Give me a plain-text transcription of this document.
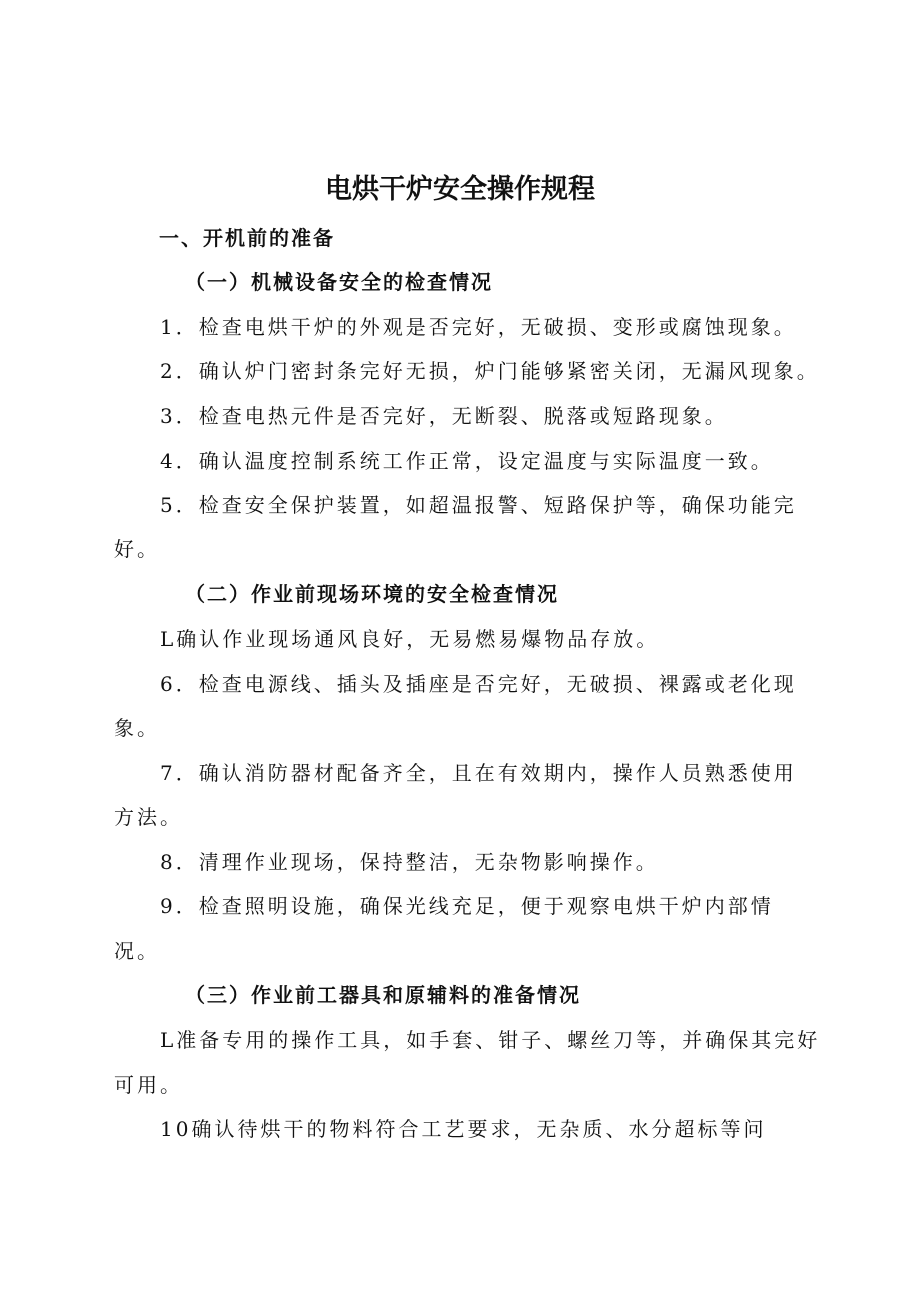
电烘干炉安全操作规程
一、开机前的准备
（一）机械设备安全的检查情况
1．检查电烘干炉的外观是否完好，无破损、变形或腐蚀现象。
2．确认炉门密封条完好无损，炉门能够紧密关闭，无漏风现象。
3．检查电热元件是否完好，无断裂、脱落或短路现象。
4．确认温度控制系统工作正常，设定温度与实际温度一致。
5．检查安全保护装置，如超温报警、短路保护等，确保功能完
好。
（二）作业前现场环境的安全检查情况
L确认作业现场通风良好，无易燃易爆物品存放。
6．检查电源线、插头及插座是否完好，无破损、裸露或老化现
象。
7．确认消防器材配备齐全，且在有效期内，操作人员熟悉使用
方法。
8．清理作业现场，保持整洁，无杂物影响操作。
9．检查照明设施，确保光线充足，便于观察电烘干炉内部情
况。
（三）作业前工器具和原辅料的准备情况
L准备专用的操作工具，如手套、钳子、螺丝刀等，并确保其完好
可用。
10确认待烘干的物料符合工艺要求，无杂质、水分超标等问
